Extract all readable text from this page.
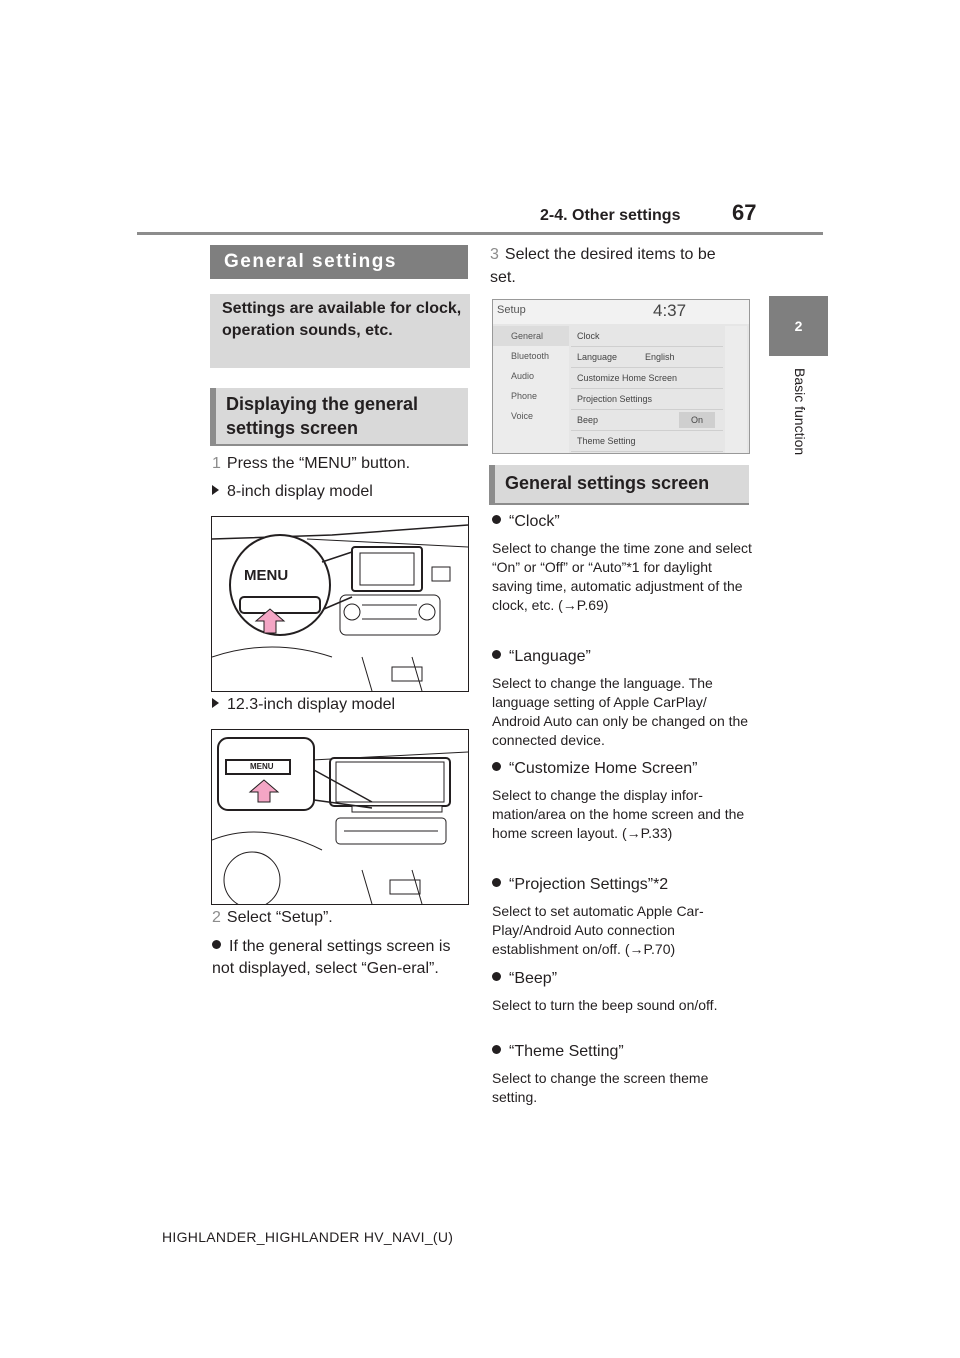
2-4. Other settings 67
2
Basic function
General settings
Settings are available for clock, operation sounds, etc.
Displaying the general settings screen
1 Press the “MENU” button.
8-inch display model
MENU
12.3-inch display model
MENU
2 Select “Setup”.
If the general settings screen is not displayed, select “Gen-eral”.
3 Select the desired items to be set.
Setup	4:37
General
Bluetooth
Audio
Phone
Voice
Clock
Language	English
Customize Home Screen
Projection Settings
Beep	On
Theme Setting
General settings screen
“Clock”
Select to change the time zone and select “On” or “Off” or “Auto”*1 for daylight saving time, automatic adjustment of the clock, etc. (→P.69)
“Language”
Select to change the language. The language setting of Apple CarPlay/ Android Auto can only be changed on the connected device.
“Customize Home Screen”
Select to change the display infor-mation/area on the home screen and the home screen layout. (→P.33)
“Projection Settings”*2
Select to set automatic Apple Car-Play/Android Auto connection establishment on/off. (→P.70)
“Beep”
Select to turn the beep sound on/off.
“Theme Setting”
Select to change the screen theme setting.
HIGHLANDER_HIGHLANDER HV_NAVI_(U)
